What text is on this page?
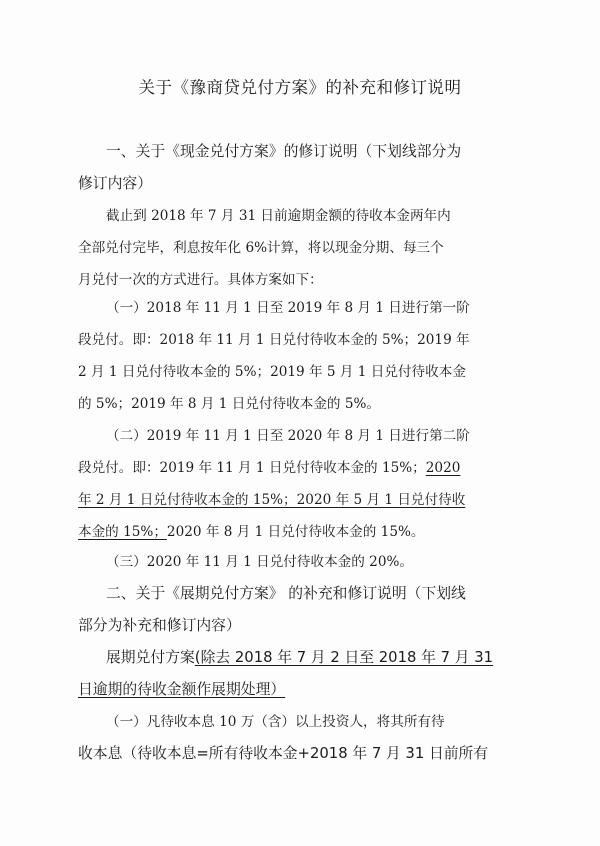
关于《豫商贷兑付方案》的补充和修订说明
一、关于《现金兑付方案》的修订说明（下划线部分为
修订内容）
截止到 2018 年 7 月 31 日前逾期金额的待收本金两年内
全部兑付完毕，利息按年化 6%计算，将以现金分期、每三个
月兑付一次的方式进行。具体方案如下：
（一）2018 年 11 月 1 日至 2019 年 8 月 1 日进行第一阶
段兑付。即：2018 年 11 月 1 日兑付待收本金的 5%；2019 年
2 月 1 日兑付待收本金的 5%；2019 年 5 月 1 日兑付待收本金
的 5%；2019 年 8 月 1 日兑付待收本金的 5%。
（二）2019 年 11 月 1 日至 2020 年 8 月 1 日进行第二阶
段兑付。即：2019 年 11 月 1 日兑付待收本金的 15%；2020
年 2 月 1 日兑付待收本金的 15%；2020 年 5 月 1 日兑付待收
本金的 15%；2020 年 8 月 1 日兑付待收本金的 15%。
（三）2020 年 11 月 1 日兑付待收本金的 20%。
二、关于《展期兑付方案》 的补充和修订说明（下划线
部分为补充和修订内容）
展期兑付方案(除去 2018 年 7 月 2 日至 2018 年 7 月 31
日逾期的待收金额作展期处理）
（一）凡待收本息 10 万（含）以上投资人，将其所有待
收本息（待收本息=所有待收本金+2018 年 7 月 31 日前所有
